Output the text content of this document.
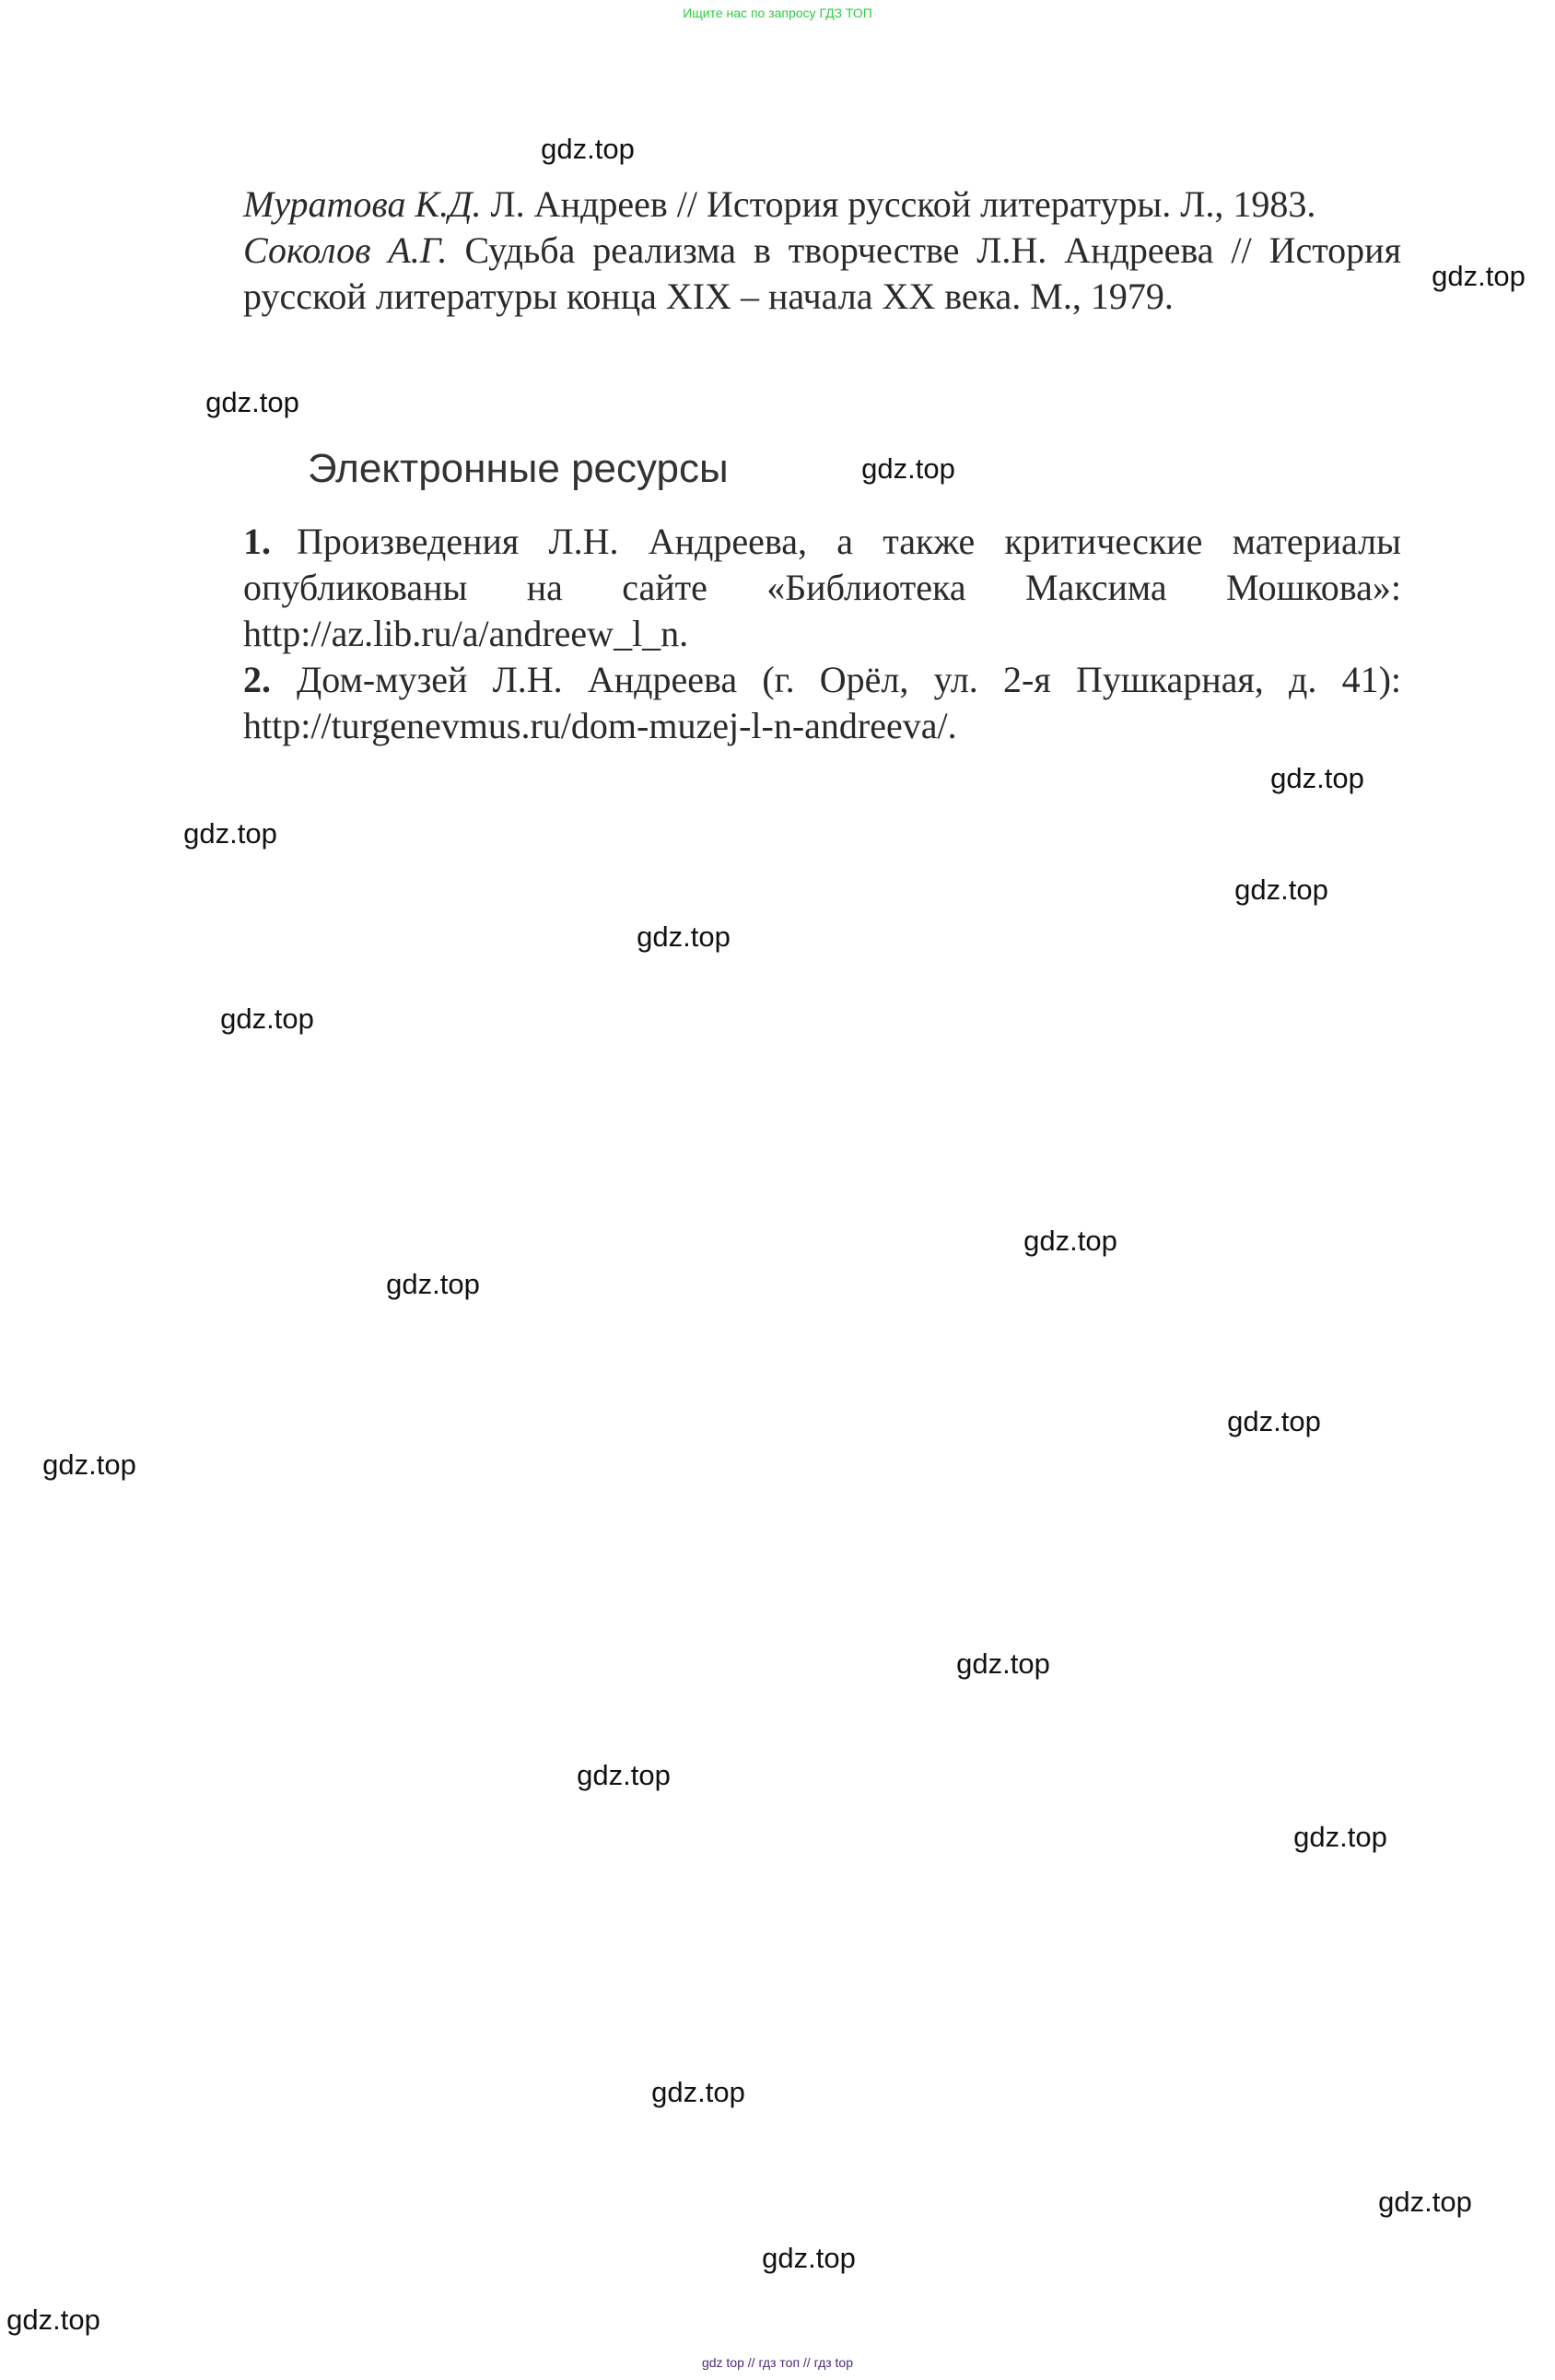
Ищите нас по запросу ГДЗ ТОП

Муратова К.Д. Л. Андреев // История русской литературы. Л., 1983.

Соколов А.Г. Судьба реализма в творчестве Л.Н. Андреева // История русской литературы конца XIX – начала XX века. М., 1979.

Электронные ресурсы

1. Произведения Л.Н. Андреева, а также критические материалы опубликованы на сайте «Библиотека Максима Мошкова»: http://az.lib.ru/a/andreew_l_n.

2. Дом-музей Л.Н. Андреева (г. Орёл, ул. 2-я Пушкарная, д. 41): http://turgenevmus.ru/dom-muzej-l-n-andreeva/.

gdz.top
gdz.top
gdz.top
gdz.top
gdz.top
gdz.top
gdz.top
gdz.top
gdz.top
gdz.top
gdz.top
gdz.top
gdz.top
gdz.top
gdz.top
gdz.top
gdz.top
gdz.top
gdz.top
gdz.top
gdz top // гдз топ // гдз top
